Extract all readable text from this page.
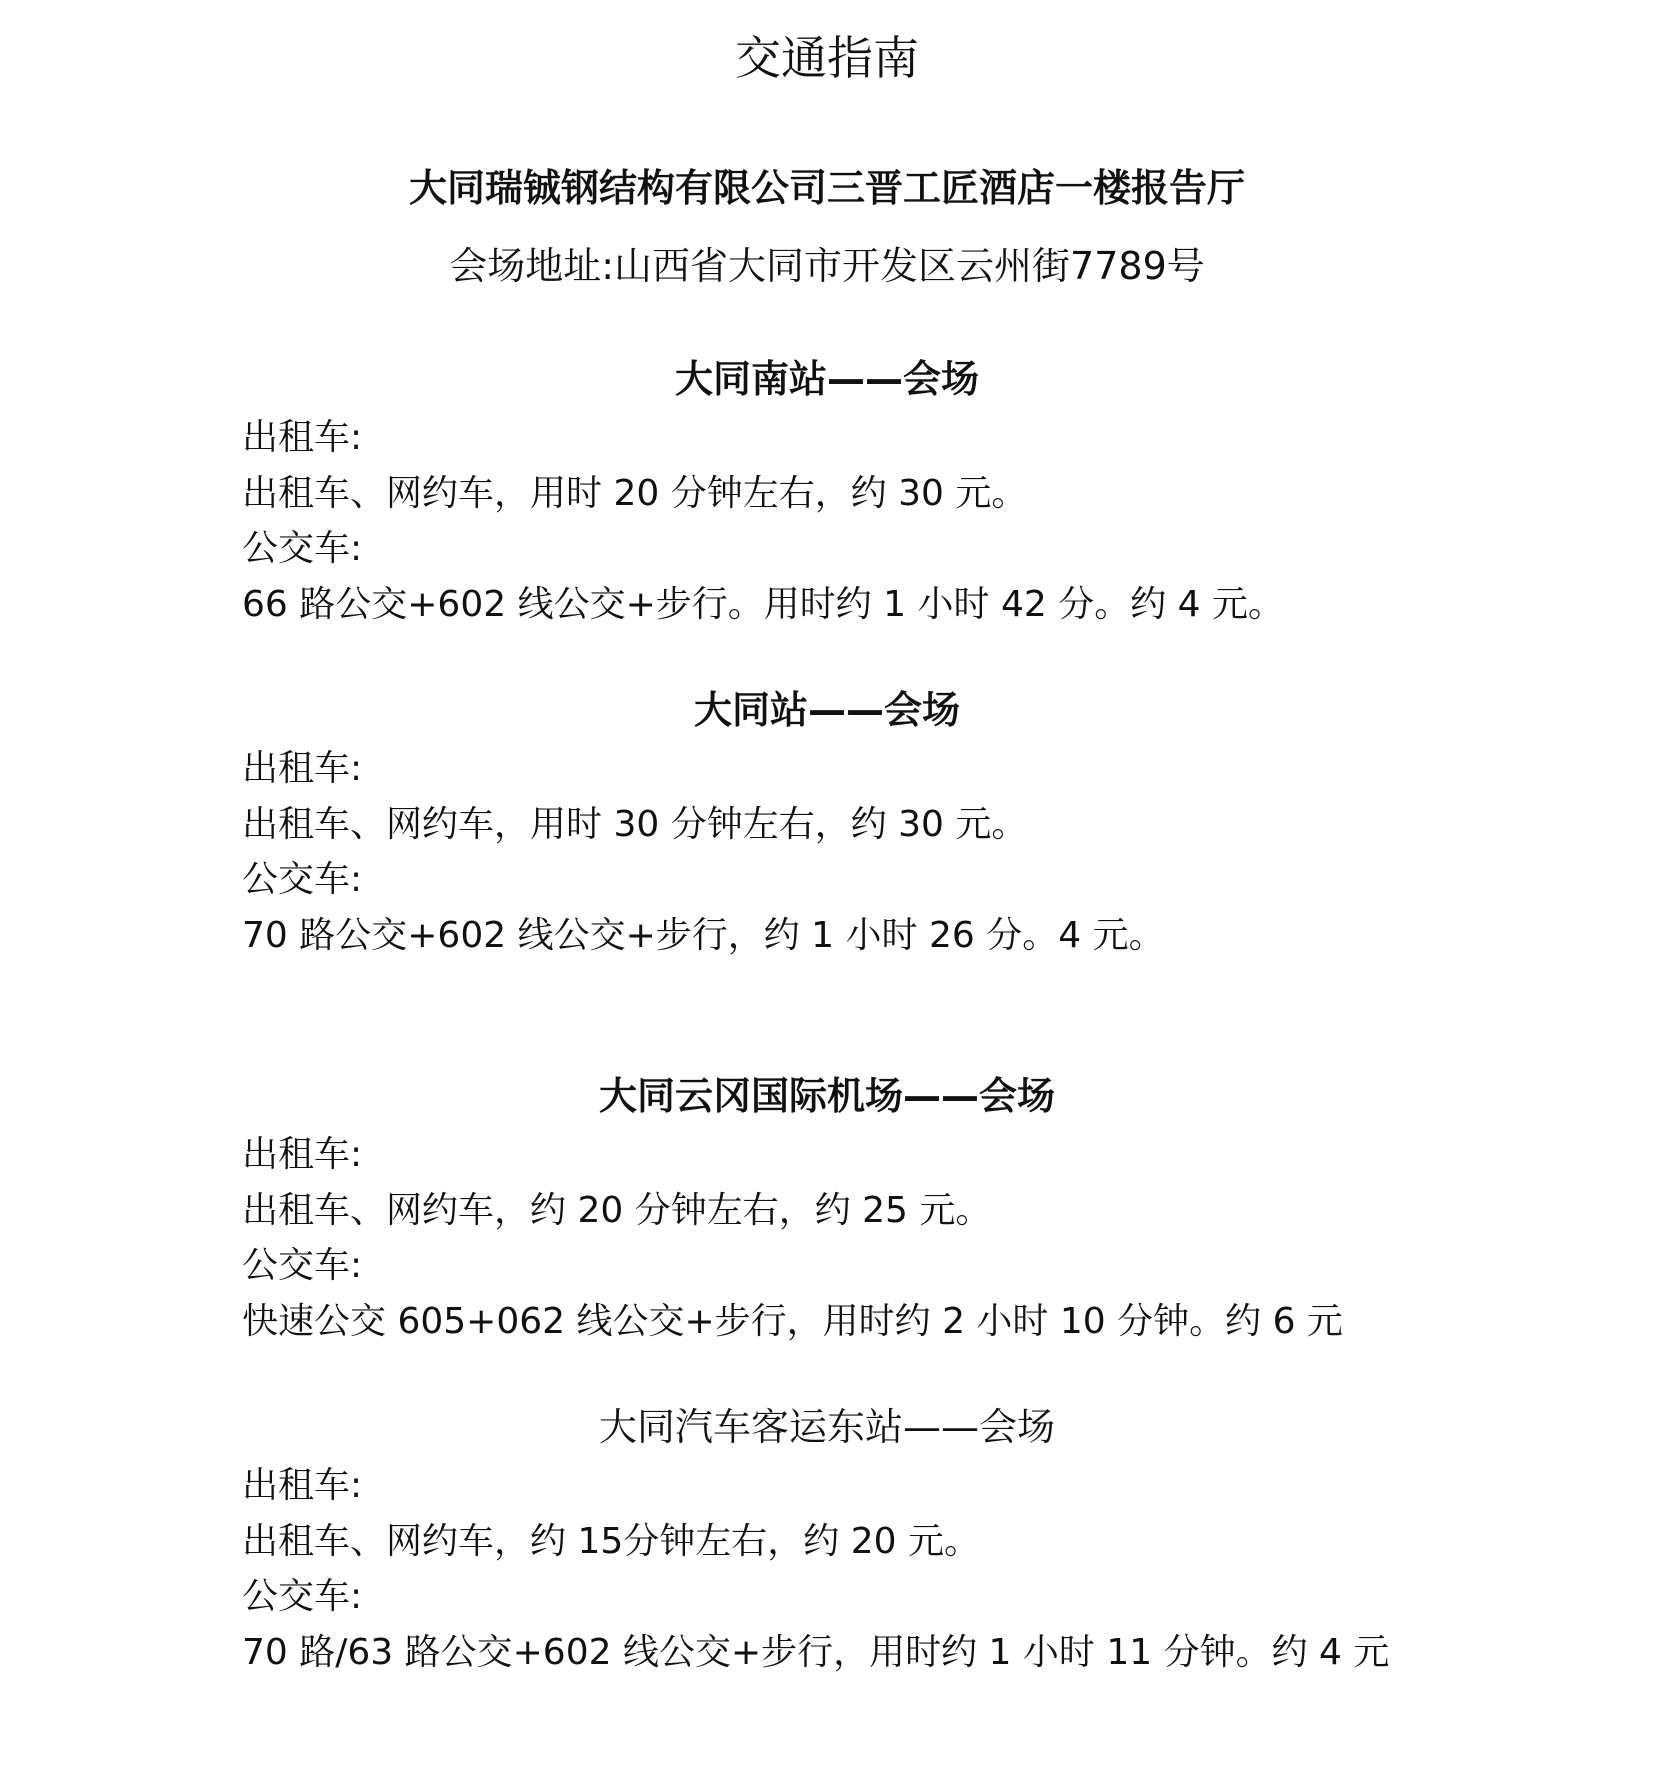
交通指南
大同瑞铖钢结构有限公司三晋工匠酒店一楼报告厅
会场地址:山西省大同市开发区云州街7789号
大同南站——会场
出租车:
出租车、网约车，用时 20 分钟左右，约 30 元。
公交车:
66 路公交+602 线公交+步行。用时约 1 小时 42 分。约 4 元。
大同站——会场
出租车:
出租车、网约车，用时 30 分钟左右，约 30 元。
公交车:
70 路公交+602 线公交+步行，约 1 小时 26 分。4 元。
大同云冈国际机场——会场
出租车:
出租车、网约车，约 20 分钟左右，约 25 元。
公交车:
快速公交 605+062 线公交+步行，用时约 2 小时 10 分钟。约 6 元
大同汽车客运东站——会场
出租车:
出租车、网约车，约 15分钟左右，约 20 元。
公交车:
70 路/63 路公交+602 线公交+步行，用时约 1 小时 11 分钟。约 4 元
